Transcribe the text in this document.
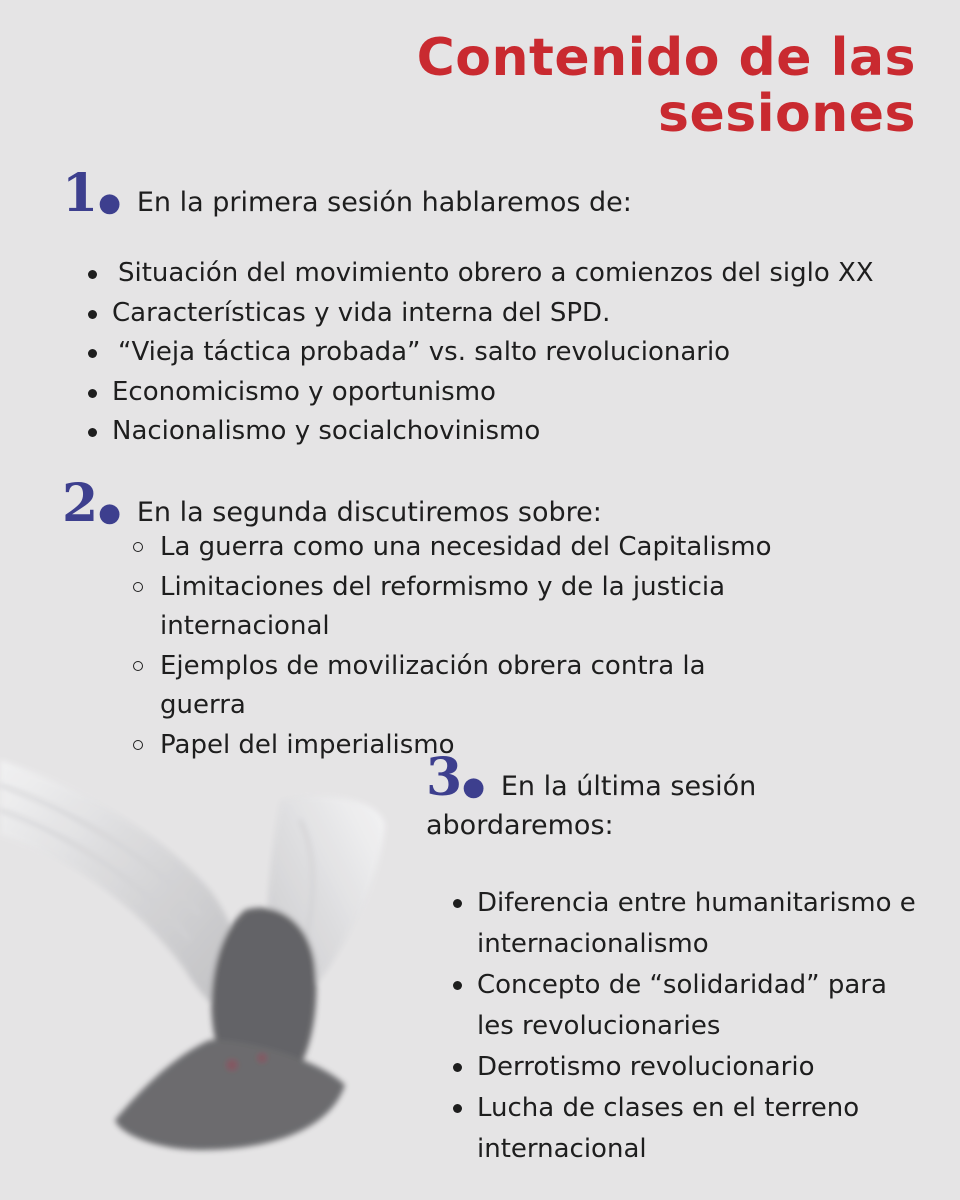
Contenido de las
sesiones
1● En la primera sesión hablaremos de:
Situación del movimiento obrero a comienzos del siglo XX
Características y vida interna del SPD.
“Vieja táctica probada” vs. salto revolucionario
Economicismo y oportunismo
Nacionalismo y socialchovinismo
2● En la segunda discutiremos sobre:
La guerra como una necesidad del Capitalismo
Limitaciones del reformismo y de la justicia internacional
Ejemplos de movilización obrera contra la guerra
Papel del imperialismo
3● En la última sesión
abordaremos:
Diferencia entre humanitarismo e internacionalismo
Concepto de “solidaridad” para les revolucionaries
Derrotismo revolucionario
Lucha de clases en el terreno internacional
